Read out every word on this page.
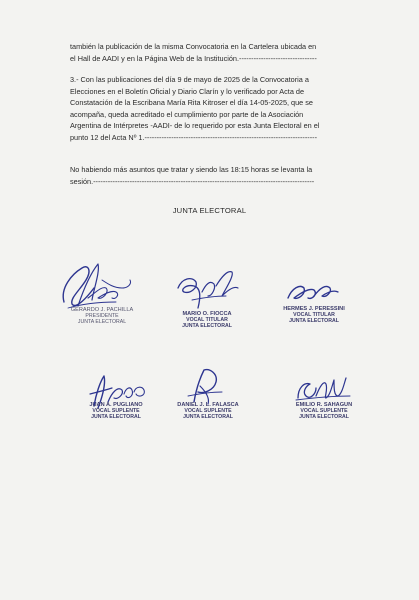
también la publicación de la misma Convocatoria en la Cartelera ubicada en
el Hall de AADI y en la Página Web de la Institución.--------------------------------
3.- Con las publicaciones del día 9 de mayo de 2025 de la Convocatoria a
Elecciones en el Boletín Oficial y Diario Clarín y lo verificado por Acta de
Constatación de la Escribana María Rita Kitroser el día 14-05-2025, que se
acompaña, queda acreditado el cumplimiento por parte de la Asociación
Argentina de Intérpretes -AADI- de lo requerido por esta Junta Electoral en el
punto 12 del Acta Nº 1.-----------------------------------------------------------------------
No habiendo más asuntos que tratar y siendo las 18:15 horas se levanta la
sesión.-------------------------------------------------------------------------------------------
JUNTA ELECTORAL
GERARDO J. PACHILLA
PRESIDENTE
JUNTA ELECTORAL
MARIO O. FIOCCA
VOCAL TITULAR
JUNTA ELECTORAL
HERMES J. PERESSINI
VOCAL TITULAR
JUNTA ELECTORAL
JUAN A. PUGLIANO
VOCAL SUPLENTE
JUNTA ELECTORAL
DANIEL J. L. FALASCA
VOCAL SUPLENTE
JUNTA ELECTORAL
EMILIO R. SAHAGUN
VOCAL SUPLENTE
JUNTA ELECTORAL
